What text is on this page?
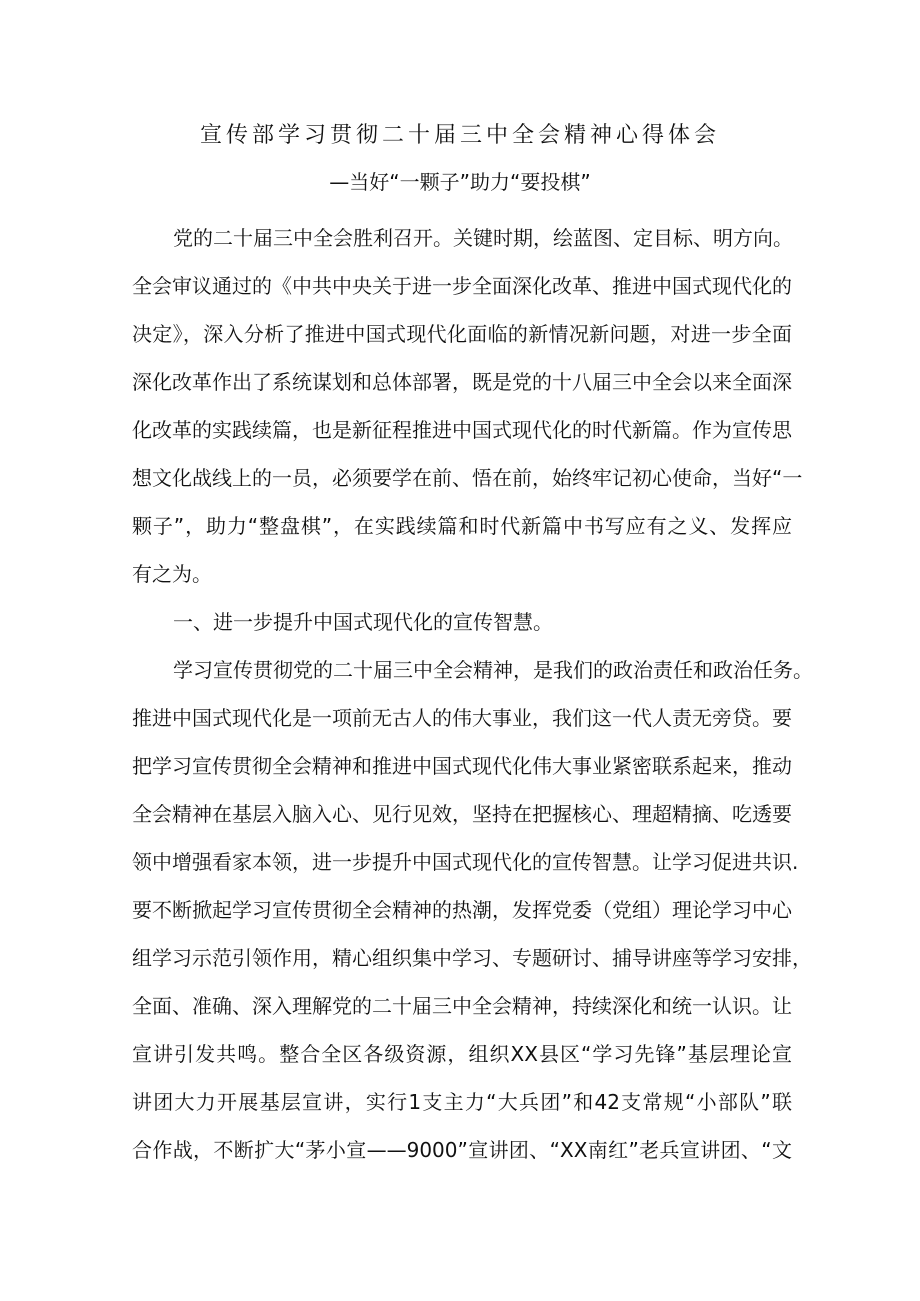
宣传部学习贯彻二十届三中全会精神心得体会
—当好“一颗子”助力“要投棋”
党的二十届三中全会胜利召开。关键时期，绘蓝图、定目标、明方向。
全会审议通过的《中共中央关于进一步全面深化改革、推进中国式现代化的
决定》，深入分析了推进中国式现代化面临的新情况新问题，对进一步全面
深化改革作出了系统谋划和总体部署，既是党的十八届三中全会以来全面深
化改革的实践续篇，也是新征程推进中国式现代化的时代新篇。作为宣传思
想文化战线上的一员，必须要学在前、悟在前，始终牢记初心使命，当好“一
颗子”，助力“整盘棋”，在实践续篇和时代新篇中书写应有之义、发挥应
有之为。
一、进一步提升中国式现代化的宣传智慧。
学习宣传贯彻党的二十届三中全会精神，是我们的政治责任和政治任务。
推进中国式现代化是一项前无古人的伟大事业，我们这一代人责无旁贷。要
把学习宣传贯彻全会精神和推进中国式现代化伟大事业紧密联系起来，推动
全会精神在基层入脑入心、见行见效，坚持在把握核心、理超精摘、吃透要
领中增强看家本领，进一步提升中国式现代化的宣传智慧。让学习促进共识.
要不断掀起学习宣传贯彻全会精神的热潮，发挥党委（党组）理论学习中心
组学习示范引领作用，精心组织集中学习、专题研讨、捕导讲座等学习安排，
全面、准确、深入理解党的二十届三中全会精神，持续深化和统一认识。让
宣讲引发共鸣。整合全区各级资源，组织XX县区“学习先锋”基层理论宣
讲团大力开展基层宣讲，实行1支主力“大兵团”和42支常规“小部队”联
合作战，不断扩大“茅小宣——9000”宣讲团、“XX南红”老兵宣讲团、“文
